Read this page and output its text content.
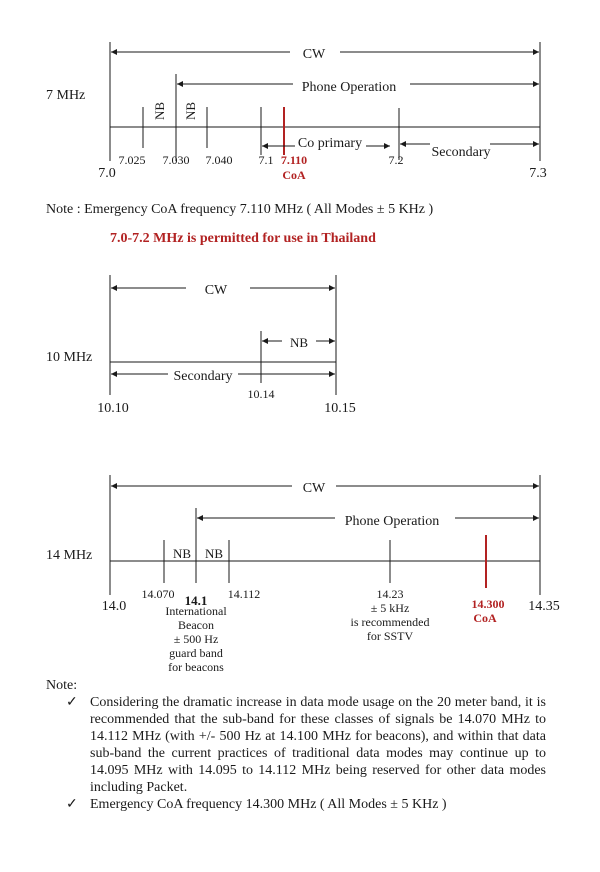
7 MHz
CW
Phone Operation
NB NB
Co primary
Secondary
7.025 7.030 7.040 7.1	7.2
7.110
CoA
7.0	7.3
10 MHz
CW
NB
Secondary
10.14
10.10	10.15
14 MHz
CW
Phone Operation
NB NB
14.070 14.1 14.112
International
Beacon
± 500 Hz
guard band
for beacons
14.23
± 5 kHz
is recommended
for SSTV
14.300
CoA
14.0	14.35
Note : Emergency CoA frequency 7.110 MHz ( All Modes ± 5 KHz )
7.0-7.2 MHz is permitted for use in Thailand
Note:
✓ Considering the dramatic increase in data mode usage on the 20 meter band, it is recommended that the sub-band for these classes of signals be 14.070 MHz to 14.112 MHz (with +/- 500 Hz at 14.100 MHz for beacons), and within that data sub-band the current practices of traditional data modes may continue up to 14.095 MHz with 14.095 to 14.112 MHz being reserved for other data modes including Packet.
✓ Emergency CoA frequency 14.300 MHz ( All Modes ± 5 KHz )
